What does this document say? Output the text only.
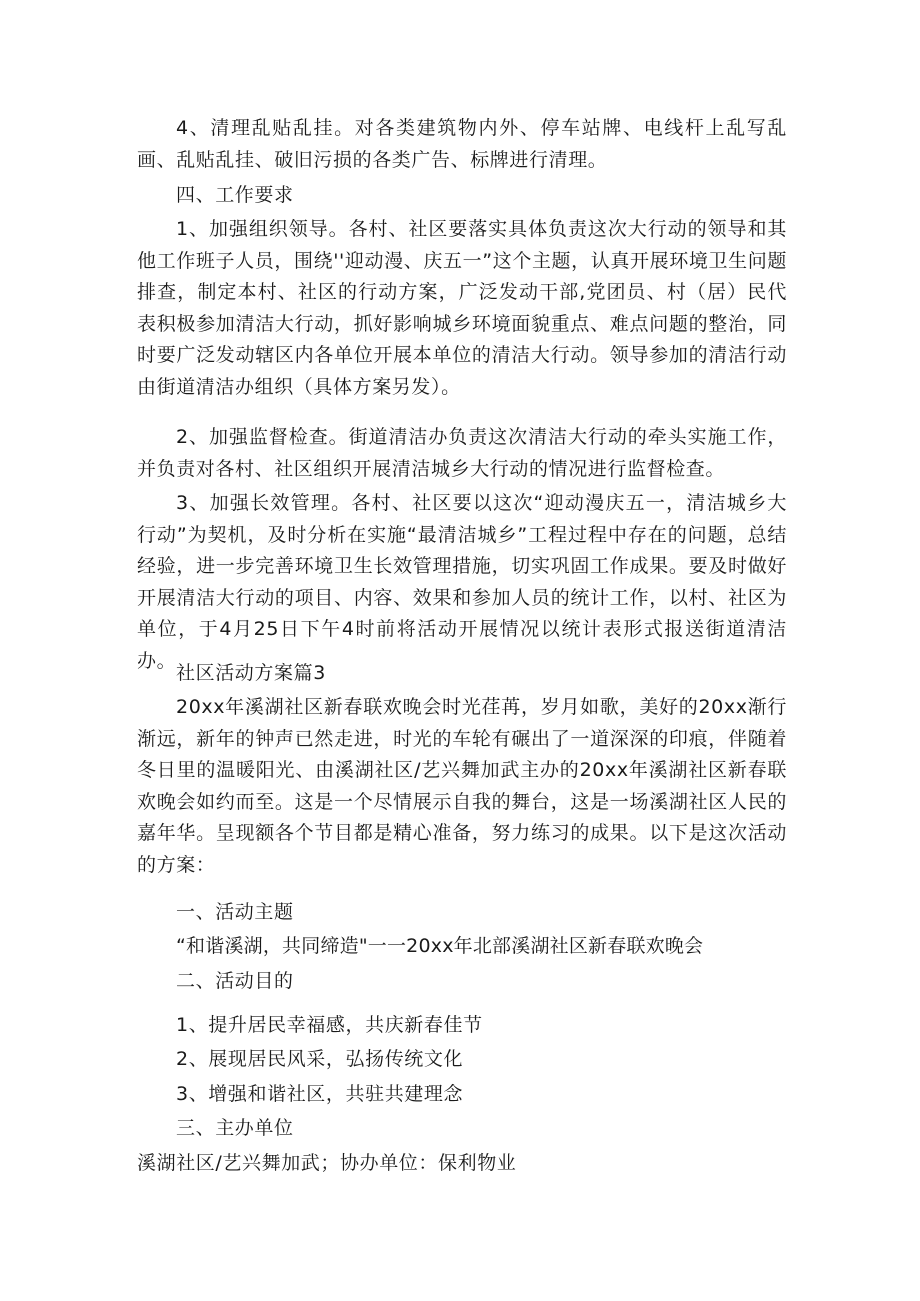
4、清理乱贴乱挂。对各类建筑物内外、停车站牌、电线杆上乱写乱画、乱贴乱挂、破旧污损的各类广告、标牌进行清理。

四、工作要求

1、加强组织领导。各村、社区要落实具体负责这次大行动的领导和其他工作班子人员，围绕''迎动漫、庆五一”这个主题，认真开展环境卫生问题排查，制定本村、社区的行动方案，广泛发动干部,党团员、村（居）民代表积极参加清洁大行动，抓好影响城乡环境面貌重点、难点问题的整治，同时要广泛发动辖区内各单位开展本单位的清洁大行动。领导参加的清洁行动由街道清洁办组织（具体方案另发）。

2、加强监督检查。街道清洁办负责这次清洁大行动的牵头实施工作，并负责对各村、社区组织开展清洁城乡大行动的情况进行监督检查。

3、加强长效管理。各村、社区要以这次“迎动漫庆五一，清洁城乡大行动”为契机，及时分析在实施“最清洁城乡”工程过程中存在的问题，总结经验，进一步完善环境卫生长效管理措施，切实巩固工作成果。要及时做好开展清洁大行动的项目、内容、效果和参加人员的统计工作，以村、社区为单位，于4月25日下午4时前将活动开展情况以统计表形式报送街道清洁办。

社区活动方案篇3

20xx年溪湖社区新春联欢晚会时光荏苒，岁月如歌，美好的20xx渐行渐远，新年的钟声已然走进，时光的车轮有碾出了一道深深的印痕，伴随着冬日里的温暖阳光、由溪湖社区/艺兴舞加武主办的20xx年溪湖社区新春联欢晚会如约而至。这是一个尽情展示自我的舞台，这是一场溪湖社区人民的嘉年华。呈现额各个节目都是精心准备，努力练习的成果。以下是这次活动的方案：

一、活动主题

“和谐溪湖，共同缔造"一一20xx年北部溪湖社区新春联欢晚会

二、活动目的

1、提升居民幸福感，共庆新春佳节

2、展现居民风采，弘扬传统文化

3、增强和谐社区，共驻共建理念

三、主办单位

溪湖社区/艺兴舞加武；协办单位：保利物业
